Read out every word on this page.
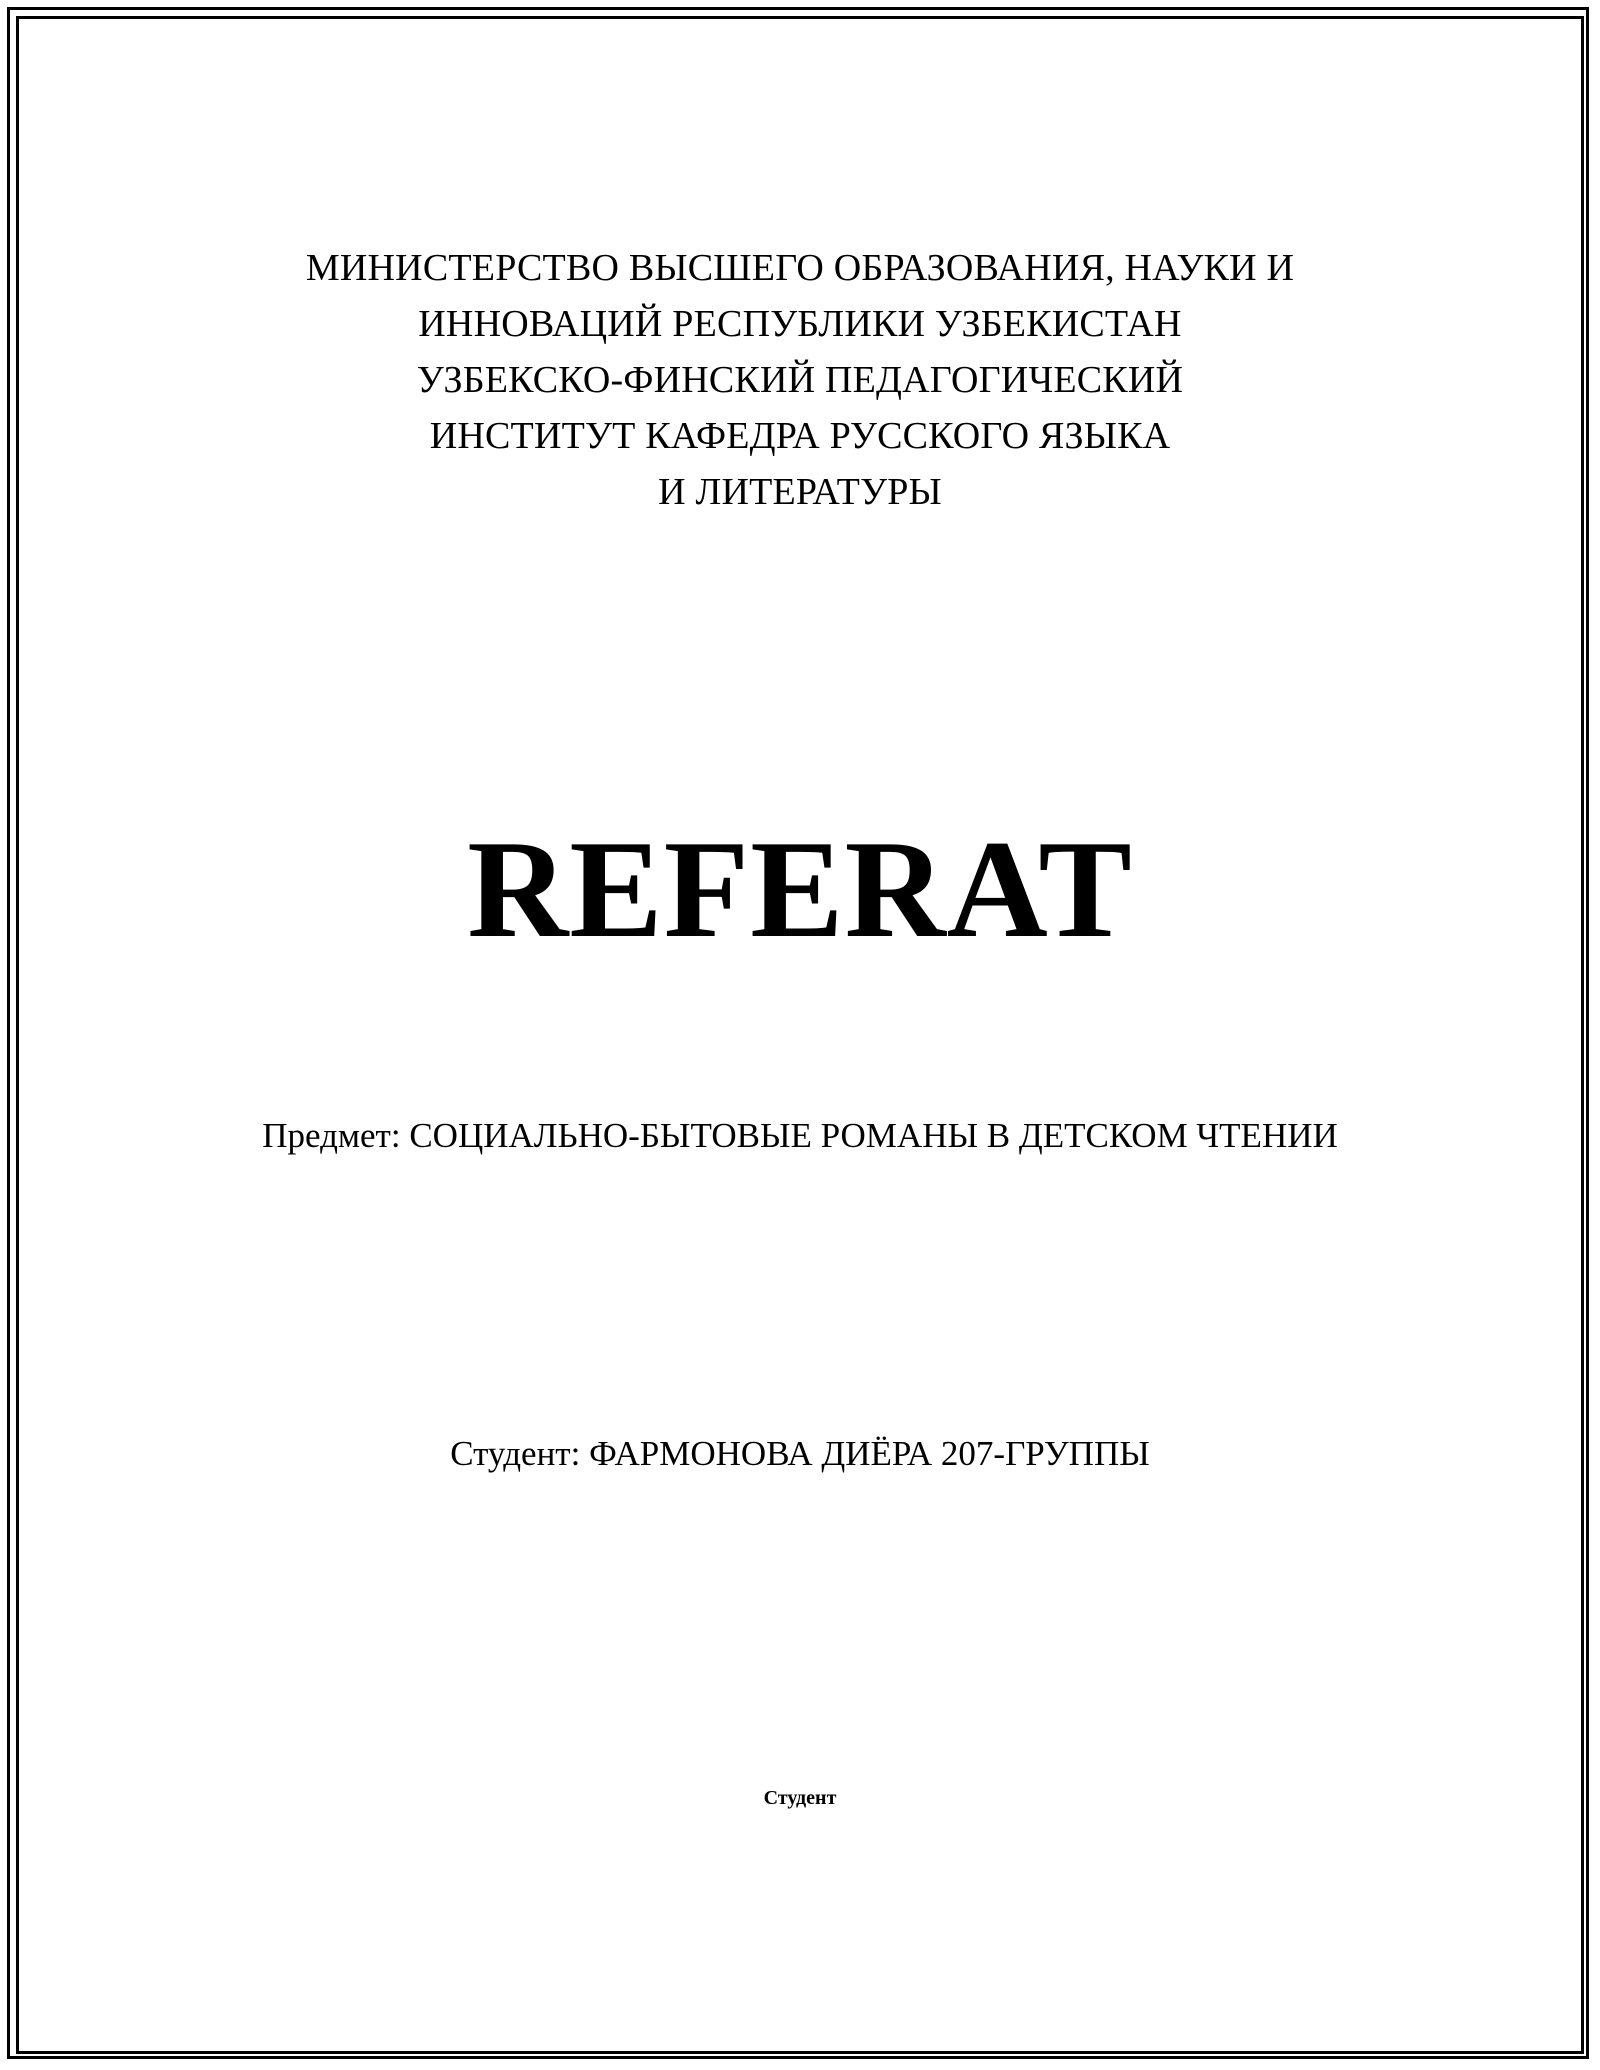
МИНИСТЕРСТВО ВЫСШЕГО ОБРАЗОВАНИЯ, НАУКИ И
ИННОВАЦИЙ РЕСПУБЛИКИ УЗБЕКИСТАН
УЗБЕКСКО-ФИНСКИЙ ПЕДАГОГИЧЕСКИЙ
ИНСТИТУТ КАФЕДРА РУССКОГО ЯЗЫКА
И ЛИТЕРАТУРЫ
REFERAT
Предмет: СОЦИАЛЬНО-БЫТОВЫЕ РОМАНЫ В ДЕТСКОМ ЧТЕНИИ
Студент: ФАРМОНОВА ДИЁРА 207-ГРУППЫ
Студент
